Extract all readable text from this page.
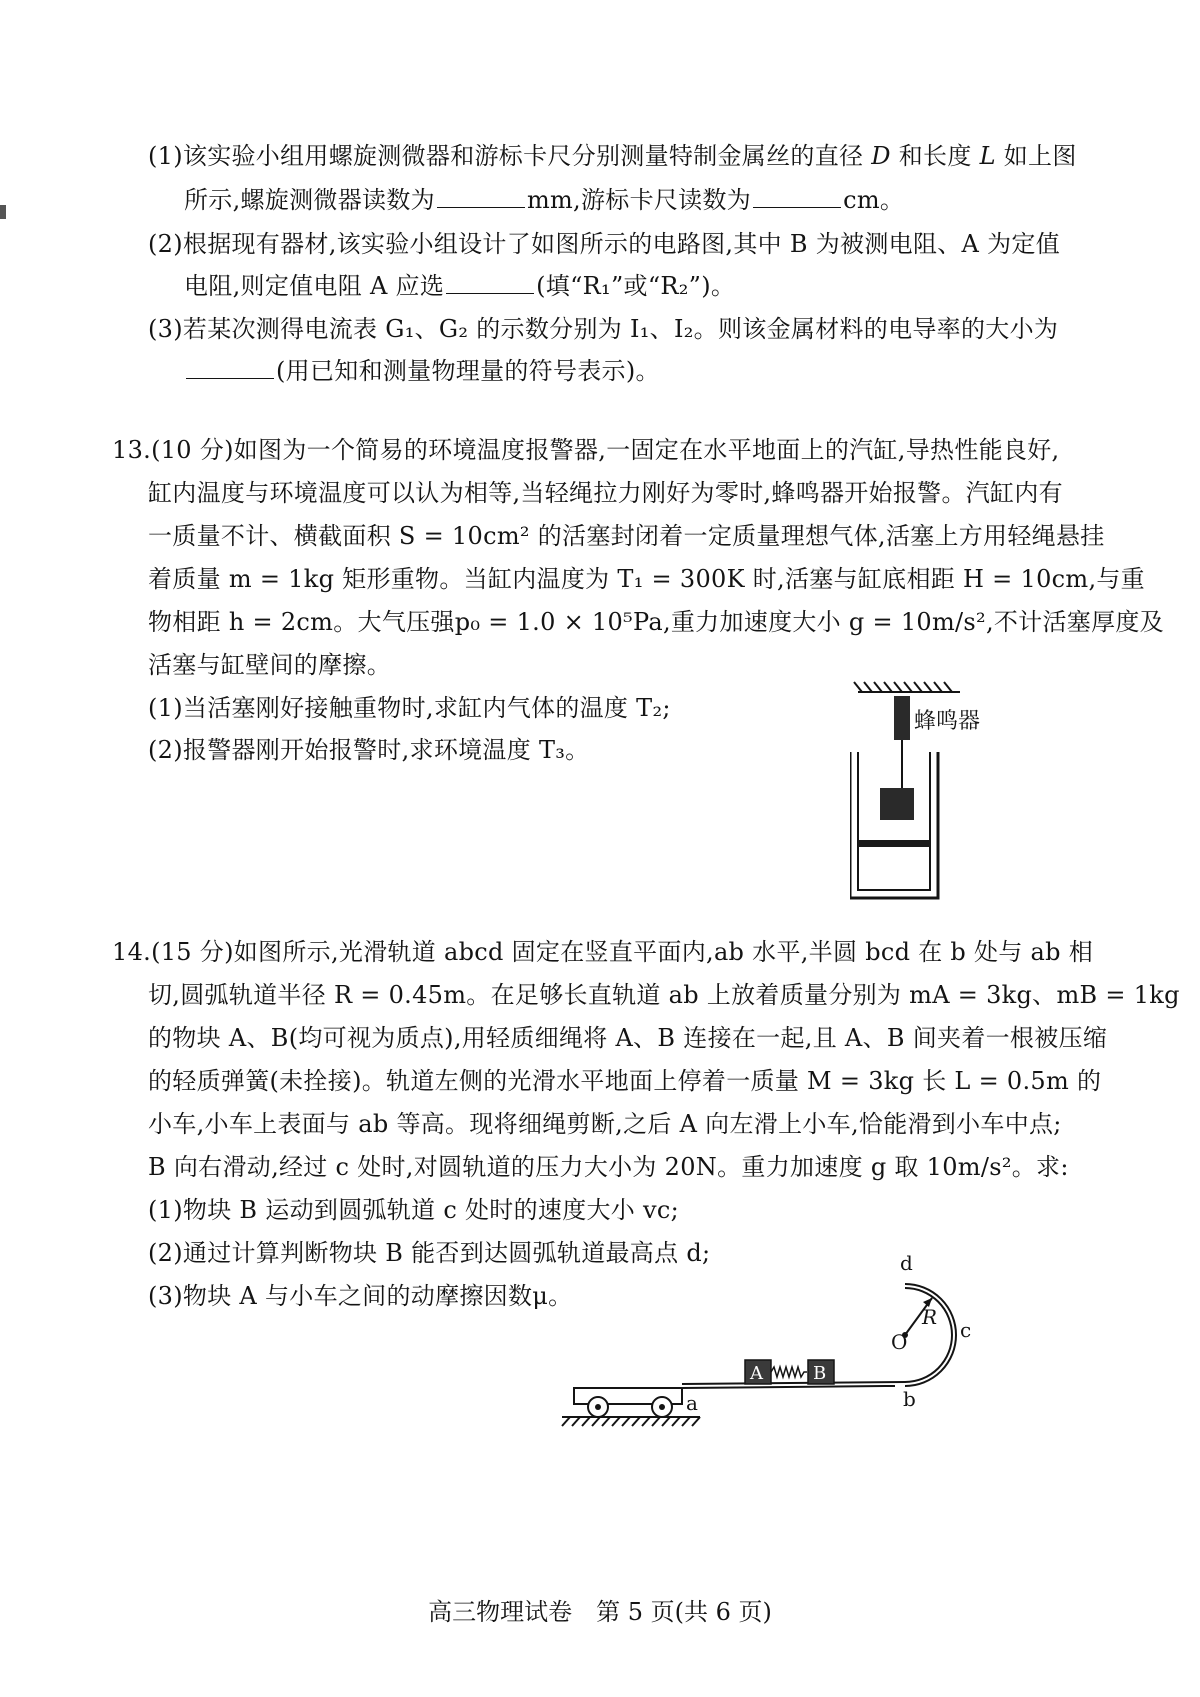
(1)该实验小组用螺旋测微器和游标卡尺分别测量特制金属丝的直径 D 和长度 L 如上图
所示,螺旋测微器读数为	mm,游标卡尺读数为	cm。
(2)根据现有器材,该实验小组设计了如图所示的电路图,其中 B 为被测电阻、A 为定值
电阻,则定值电阻 A 应选	(填“R₁”或“R₂”)。
(3)若某次测得电流表 G₁、G₂ 的示数分别为 I₁、I₂。则该金属材料的电导率的大小为
(用已知和测量物理量的符号表示)。
13.(10 分)如图为一个简易的环境温度报警器,一固定在水平地面上的汽缸,导热性能良好,
缸内温度与环境温度可以认为相等,当轻绳拉力刚好为零时,蜂鸣器开始报警。汽缸内有
一质量不计、横截面积 S = 10cm² 的活塞封闭着一定质量理想气体,活塞上方用轻绳悬挂
着质量 m = 1kg 矩形重物。当缸内温度为 T₁ = 300K 时,活塞与缸底相距 H = 10cm,与重
物相距 h = 2cm。大气压强p₀ = 1.0 × 10⁵Pa,重力加速度大小 g = 10m/s²,不计活塞厚度及
活塞与缸壁间的摩擦。
(1)当活塞刚好接触重物时,求缸内气体的温度 T₂;
(2)报警器刚开始报警时,求环境温度 T₃。
蜂鸣器
14.(15 分)如图所示,光滑轨道 abcd 固定在竖直平面内,ab 水平,半圆 bcd 在 b 处与 ab 相
切,圆弧轨道半径 R = 0.45m。在足够长直轨道 ab 上放着质量分别为 mA = 3kg、mB = 1kg
的物块 A、B(均可视为质点),用轻质细绳将 A、B 连接在一起,且 A、B 间夹着一根被压缩
的轻质弹簧(未拴接)。轨道左侧的光滑水平地面上停着一质量 M = 3kg 长 L = 0.5m 的
小车,小车上表面与 ab 等高。现将细绳剪断,之后 A 向左滑上小车,恰能滑到小车中点;
B 向右滑动,经过 c 处时,对圆轨道的压力大小为 20N。重力加速度 g 取 10m/s²。求:
(1)物块 B 运动到圆弧轨道 c 处时的速度大小 vc;
(2)通过计算判断物块 B 能否到达圆弧轨道最高点 d;
(3)物块 A 与小车之间的动摩擦因数μ。
A	B
a	b
c
d
O
R
高三物理试卷　第 5 页(共 6 页)
